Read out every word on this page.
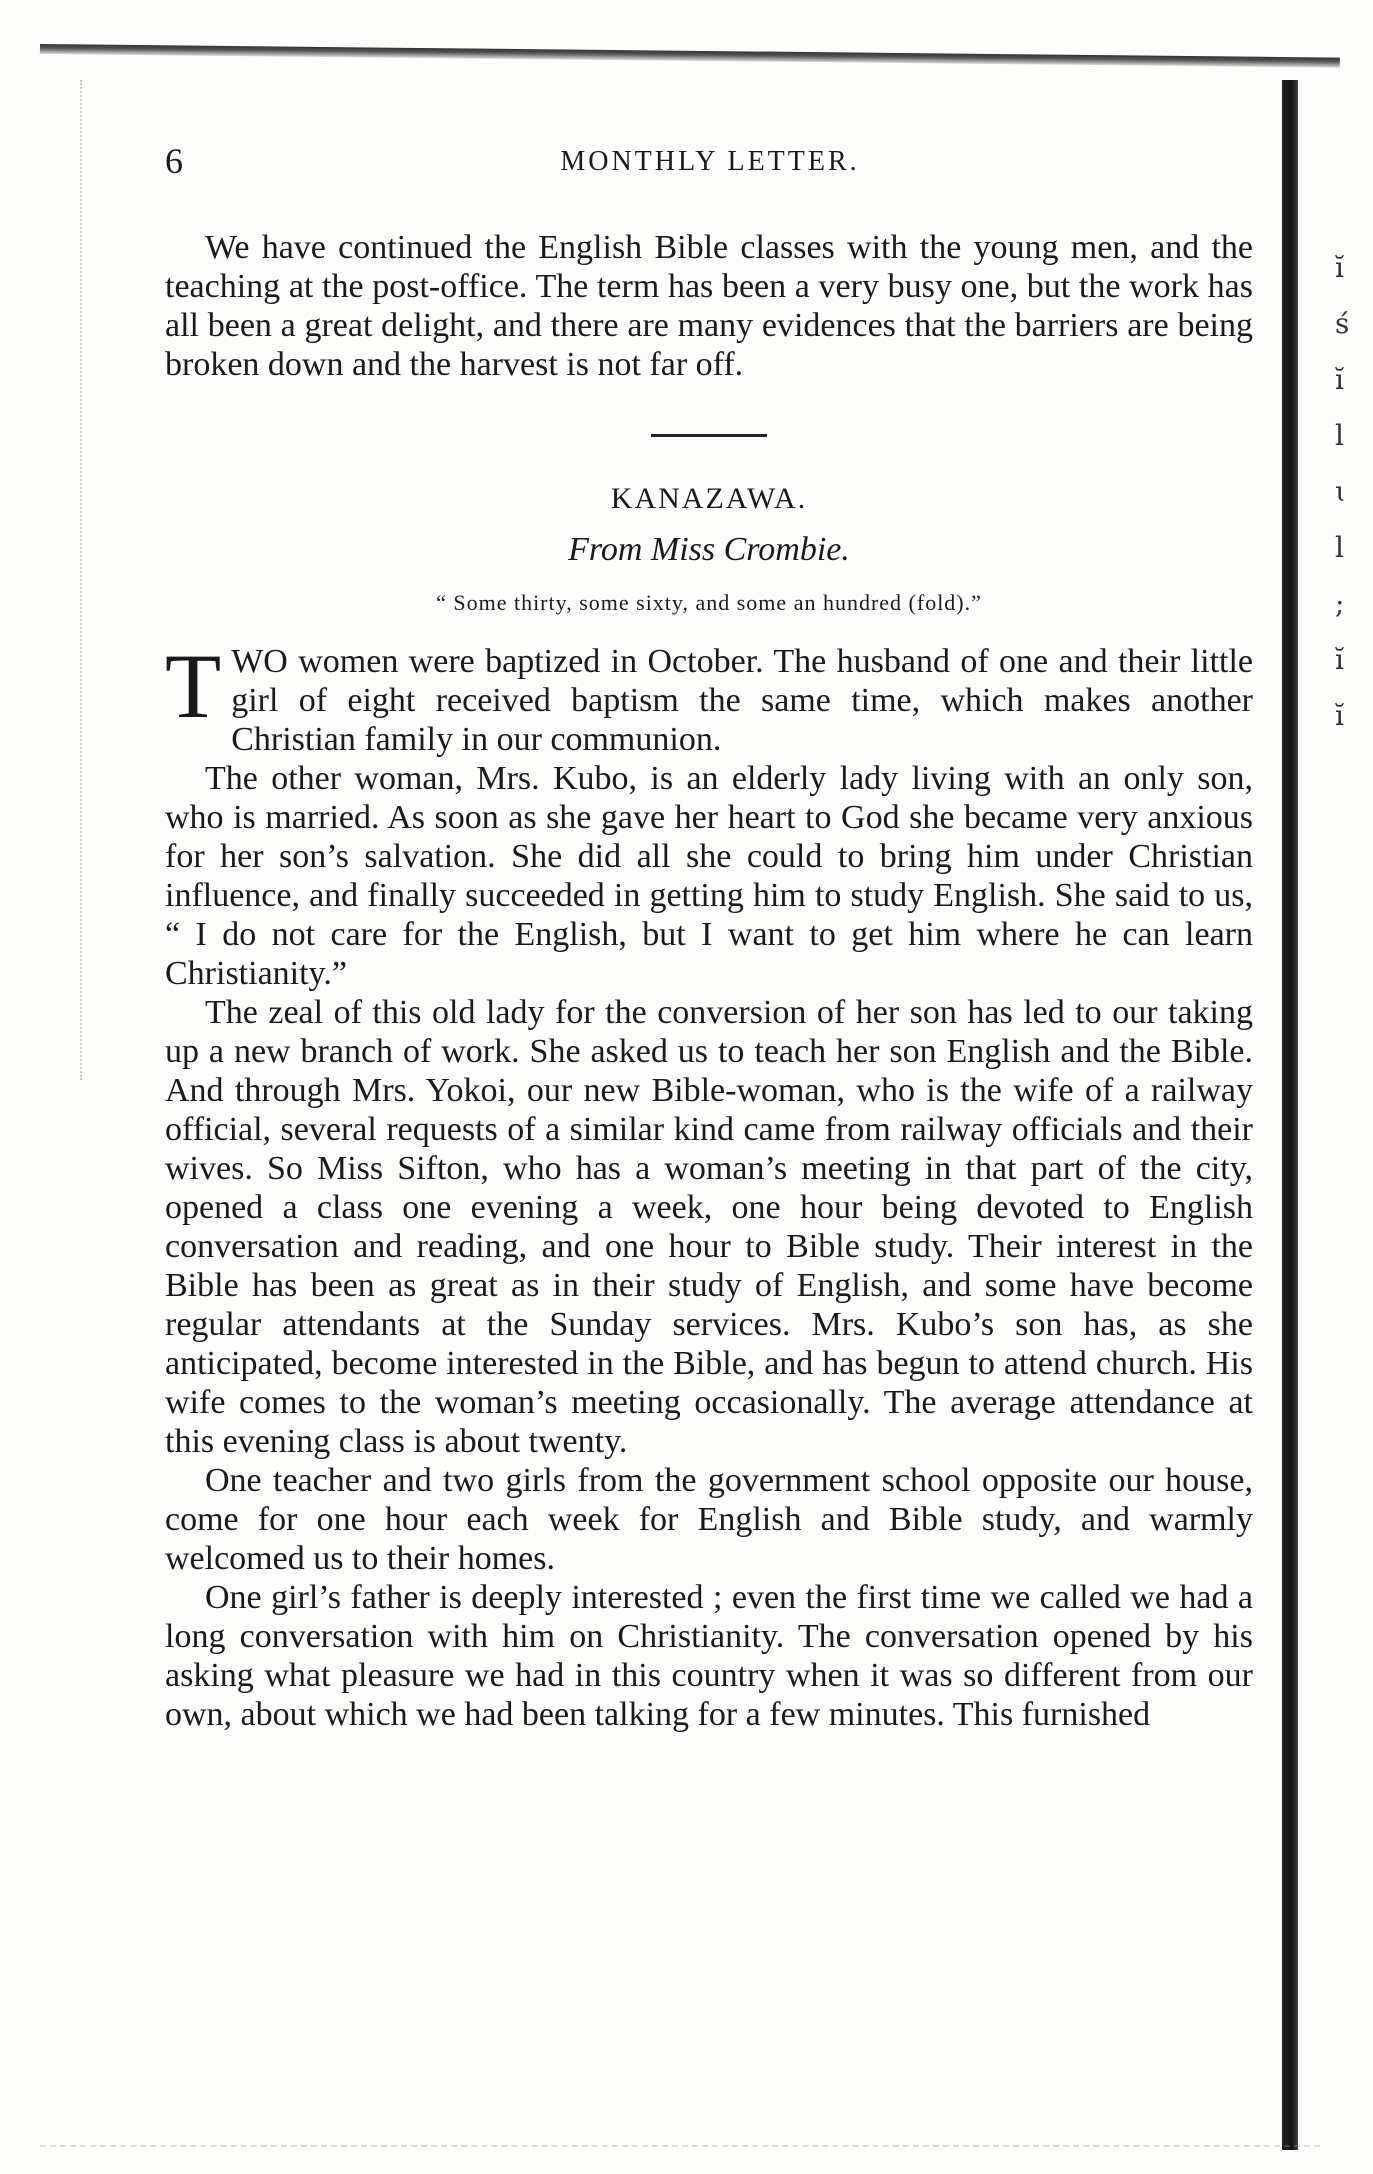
ĭ
ś
ĭ
l
ɩ
l
;
ĭ
ĭ
6	MONTHLY LETTER.

We have continued the English Bible classes with the young men, and the teaching at the post-office. The term has been a very busy one, but the work has all been a great delight, and there are many evidences that the barriers are being broken down and the harvest is not far off.

KANAZAWA.
From Miss Crombie.
“ Some thirty, some sixty, and some an hundred (fold).”

TWO women were baptized in October. The husband of one and their little girl of eight received baptism the same time, which makes another Christian family in our communion.

The other woman, Mrs. Kubo, is an elderly lady living with an only son, who is married. As soon as she gave her heart to God she became very anxious for her son’s salvation. She did all she could to bring him under Christian influence, and finally succeeded in getting him to study English. She said to us, “ I do not care for the English, but I want to get him where he can learn Christianity.”

The zeal of this old lady for the conversion of her son has led to our taking up a new branch of work. She asked us to teach her son English and the Bible. And through Mrs. Yokoi, our new Bible-woman, who is the wife of a railway official, several requests of a similar kind came from railway officials and their wives. So Miss Sifton, who has a woman’s meeting in that part of the city, opened a class one evening a week, one hour being devoted to English conversation and reading, and one hour to Bible study. Their interest in the Bible has been as great as in their study of English, and some have become regular attendants at the Sunday services. Mrs. Kubo’s son has, as she anticipated, become interested in the Bible, and has begun to attend church. His wife comes to the woman’s meeting occasionally. The average attendance at this evening class is about twenty.

One teacher and two girls from the government school opposite our house, come for one hour each week for English and Bible study, and warmly welcomed us to their homes.

One girl’s father is deeply interested ; even the first time we called we had a long conversation with him on Christianity. The conversation opened by his asking what pleasure we had in this country when it was so different from our own, about which we had been talking for a few minutes. This furnished
